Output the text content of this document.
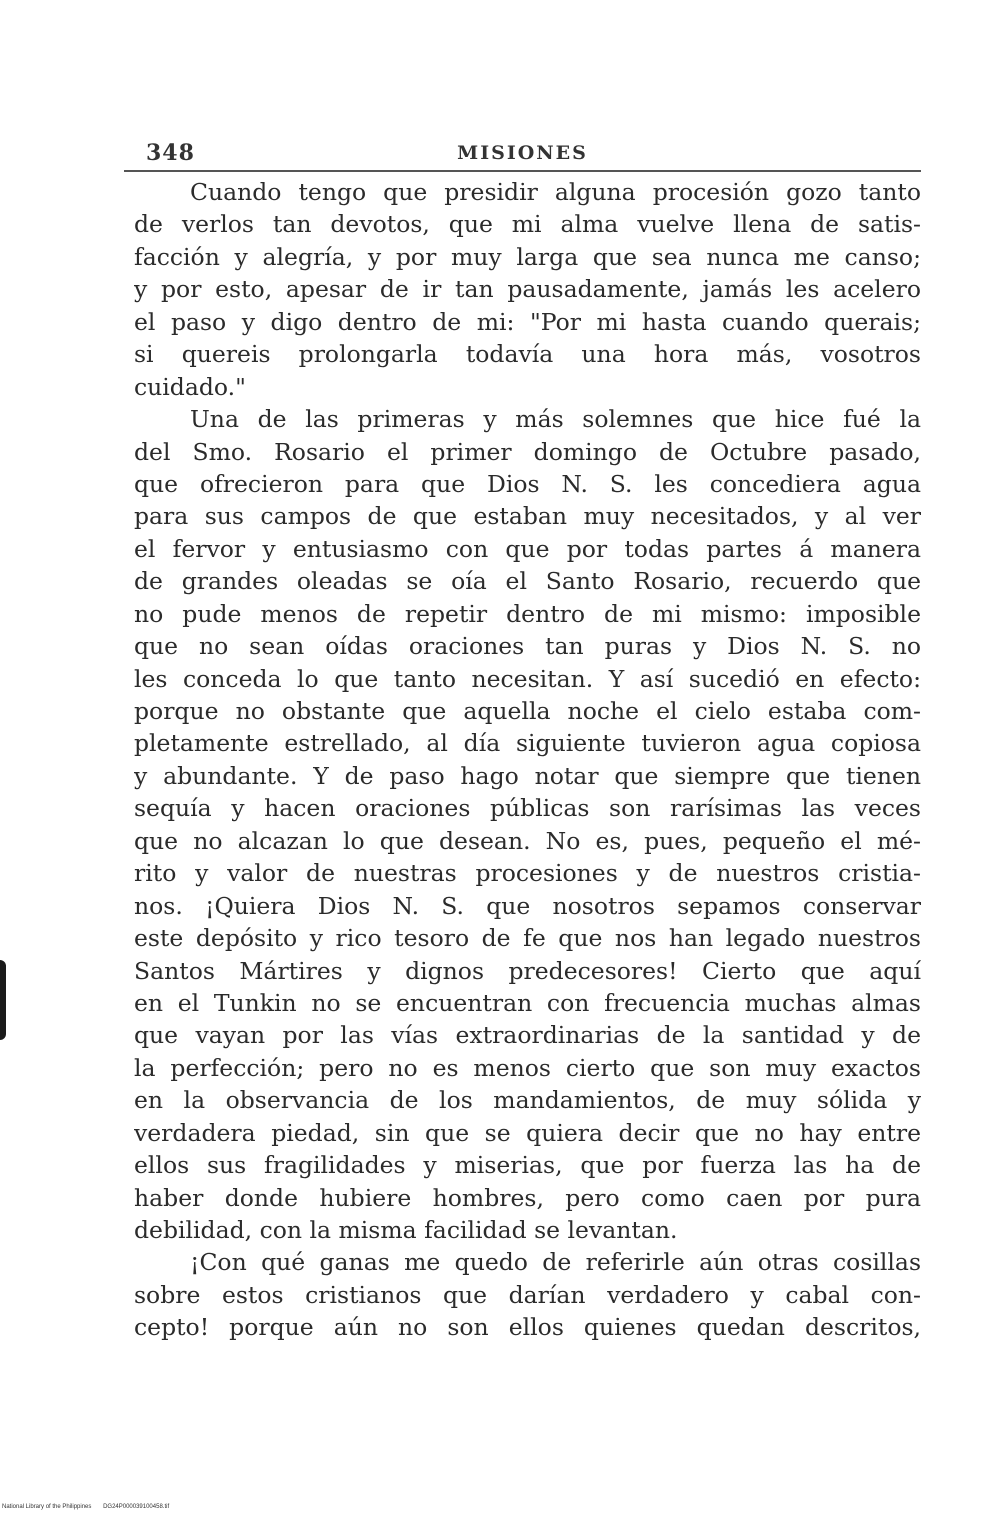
348	MISIONES
Cuando tengo que presidir alguna procesión gozo tanto
de verlos tan devotos, que mi alma vuelve llena de satis-
facción y alegría, y por muy larga que sea nunca me canso;
y por esto, apesar de ir tan pausadamente, jamás les acelero
el paso y digo dentro de mi: "Por mi hasta cuando querais;
si quereis prolongarla todavía una hora más, vosotros
cuidado."
Una de las primeras y más solemnes que hice fué la
del Smo. Rosario el primer domingo de Octubre pasado,
que ofrecieron para que Dios N. S. les concediera agua
para sus campos de que estaban muy necesitados, y al ver
el fervor y entusiasmo con que por todas partes á manera
de grandes oleadas se oía el Santo Rosario, recuerdo que
no pude menos de repetir dentro de mi mismo: imposible
que no sean oídas oraciones tan puras y Dios N. S. no
les conceda lo que tanto necesitan. Y así sucedió en efecto:
porque no obstante que aquella noche el cielo estaba com-
pletamente estrellado, al día siguiente tuvieron agua copiosa
y abundante. Y de paso hago notar que siempre que tienen
sequía y hacen oraciones públicas son rarísimas las veces
que no alcazan lo que desean. No es, pues, pequeño el mé-
rito y valor de nuestras procesiones y de nuestros cristia-
nos. ¡Quiera Dios N. S. que nosotros sepamos conservar
este depósito y rico tesoro de fe que nos han legado nuestros
Santos Mártires y dignos predecesores! Cierto que aquí
en el Tunkin no se encuentran con frecuencia muchas almas
que vayan por las vías extraordinarias de la santidad y de
la perfección; pero no es menos cierto que son muy exactos
en la observancia de los mandamientos, de muy sólida y
verdadera piedad, sin que se quiera decir que no hay entre
ellos sus fragilidades y miserias, que por fuerza las ha de
haber donde hubiere hombres, pero como caen por pura
debilidad, con la misma facilidad se levantan.
¡Con qué ganas me quedo de referirle aún otras cosillas
sobre estos cristianos que darían verdadero y cabal con-
cepto! porque aún no son ellos quienes quedan descritos,
National Library of the Philippines DG24P000039100458.tif
